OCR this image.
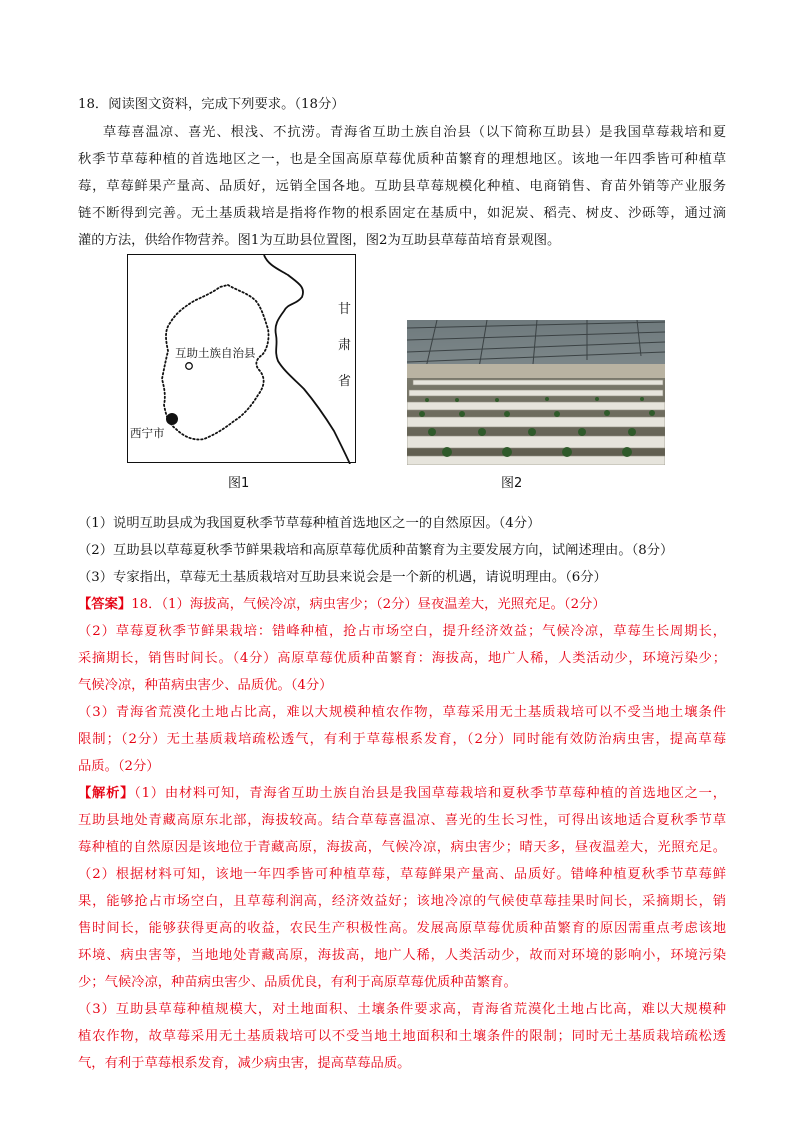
18．阅读图文资料，完成下列要求。（18分）
草莓喜温凉、喜光、根浅、不抗涝。青海省互助土族自治县（以下简称互助县）是我国草莓栽培和夏
秋季节草莓种植的首选地区之一，也是全国高原草莓优质种苗繁育的理想地区。该地一年四季皆可种植草
莓，草莓鲜果产量高、品质好，远销全国各地。互助县草莓规模化种植、电商销售、育苗外销等产业服务
链不断得到完善。无土基质栽培是指将作物的根系固定在基质中，如泥炭、稻壳、树皮、沙砾等，通过滴
灌的方法，供给作物营养。图1为互助县位置图，图2为互助县草莓苗培育景观图。
互助土族自治县
西宁市
甘
肃
省
图1	图2
（1）说明互助县成为我国夏秋季节草莓种植首选地区之一的自然原因。（4分）
（2）互助县以草莓夏秋季节鲜果栽培和高原草莓优质种苗繁育为主要发展方向，试阐述理由。（8分）
（3）专家指出，草莓无土基质栽培对互助县来说会是一个新的机遇，请说明理由。（6分）
【答案】18．（1）海拔高，气候冷凉，病虫害少；（2分）昼夜温差大，光照充足。（2分）
（2）草莓夏秋季节鲜果栽培：错峰种植，抢占市场空白，提升经济效益；气候冷凉，草莓生长周期长，
采摘期长，销售时间长。（4分）高原草莓优质种苗繁育：海拔高，地广人稀，人类活动少，环境污染少；
气候冷凉，种苗病虫害少、品质优。（4分）
（3）青海省荒漠化土地占比高，难以大规模种植农作物，草莓采用无土基质栽培可以不受当地土壤条件
限制；（2分）无土基质栽培疏松透气，有利于草莓根系发育，（2分）同时能有效防治病虫害，提高草莓
品质。（2分）
【解析】（1）由材料可知，青海省互助土族自治县是我国草莓栽培和夏秋季节草莓种植的首选地区之一，
互助县地处青藏高原东北部，海拔较高。结合草莓喜温凉、喜光的生长习性，可得出该地适合夏秋季节草
莓种植的自然原因是该地位于青藏高原，海拔高，气候冷凉，病虫害少；晴天多，昼夜温差大，光照充足。
（2）根据材料可知，该地一年四季皆可种植草莓，草莓鲜果产量高、品质好。错峰种植夏秋季节草莓鲜
果，能够抢占市场空白，且草莓利润高，经济效益好；该地冷凉的气候使草莓挂果时间长，采摘期长，销
售时间长，能够获得更高的收益，农民生产积极性高。发展高原草莓优质种苗繁育的原因需重点考虑该地
环境、病虫害等，当地地处青藏高原，海拔高，地广人稀，人类活动少，故而对环境的影响小，环境污染
少；气候冷凉，种苗病虫害少、品质优良，有利于高原草莓优质种苗繁育。
（3）互助县草莓种植规模大，对土地面积、土壤条件要求高，青海省荒漠化土地占比高，难以大规模种
植农作物，故草莓采用无土基质栽培可以不受当地土地面积和土壤条件的限制；同时无土基质栽培疏松透
气，有利于草莓根系发育，减少病虫害，提高草莓品质。
